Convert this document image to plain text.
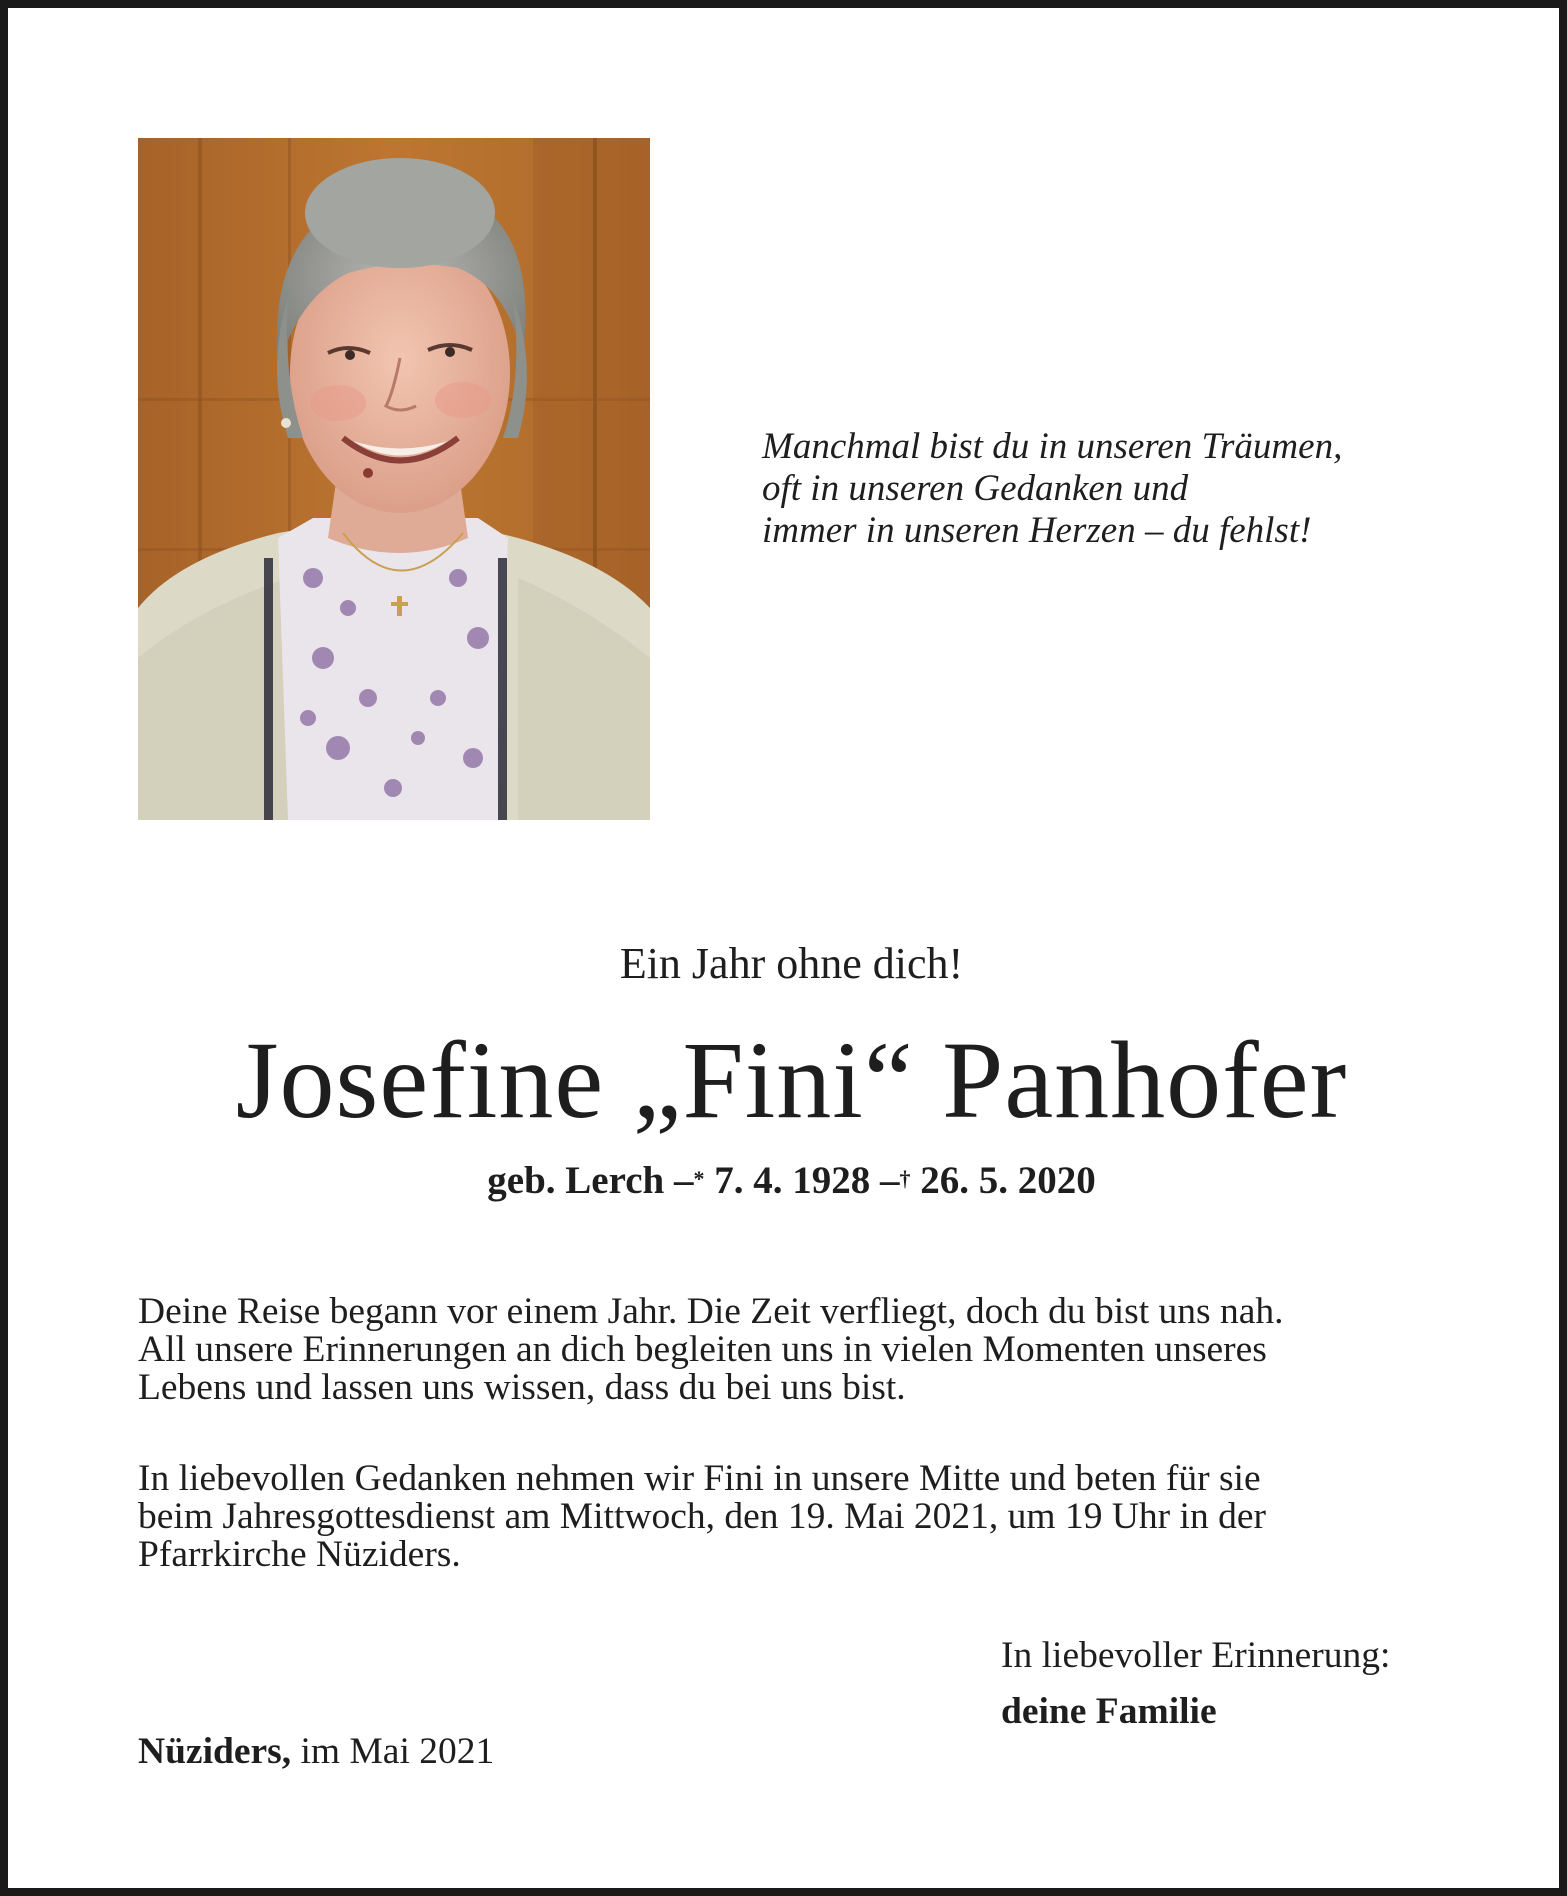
Manchmal bist du in unseren Träumen,
oft in unseren Gedanken und
immer in unseren Herzen – du fehlst!
Ein Jahr ohne dich!
Josefine „Fini“ Panhofer
geb. Lerch –* 7. 4. 1928 –† 26. 5. 2020
Deine Reise begann vor einem Jahr. Die Zeit verfliegt, doch du bist uns nah.
All unsere Erinnerungen an dich begleiten uns in vielen Momenten unseres
Lebens und lassen uns wissen, dass du bei uns bist.
In liebevollen Gedanken nehmen wir Fini in unsere Mitte und beten für sie
beim Jahresgottesdienst am Mittwoch, den 19. Mai 2021, um 19 Uhr in der
Pfarrkirche Nüziders.
In liebevoller Erinnerung:
deine Familie
Nüziders, im Mai 2021
